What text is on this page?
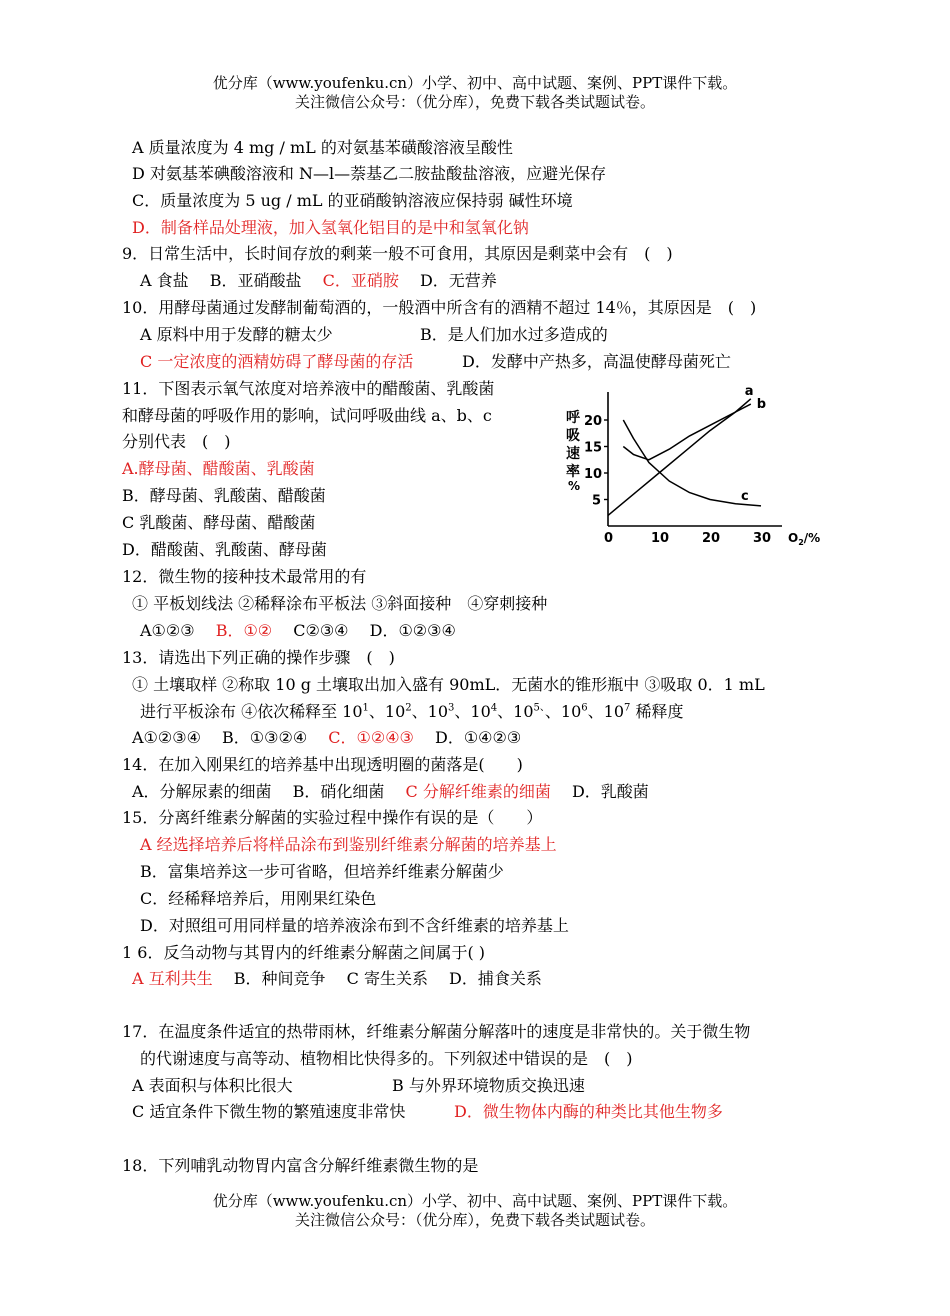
优分库（www.youfenku.cn）小学、初中、高中试题、案例、PPT课件下载。
关注微信公众号：（优分库），免费下载各类试题试卷。
A 质量浓度为 4 mg / mL 的对氨基苯磺酸溶液呈酸性
D 对氨基苯碘酸溶液和 N—l—萘基乙二胺盐酸盐溶液，应避光保存
C．质量浓度为 5 ug / mL 的亚硝酸钠溶液应保持弱 碱性环境
D．制备样品处理液，加入氢氧化铝目的是中和氢氧化钠
9．日常生活中，长时间存放的剩莱一般不可食用，其原因是剩菜中会有　(　)
A 食盐　 B．亚硝酸盐　 C．亚硝胺　 D．无营养
10．用酵母菌通过发酵制葡萄酒的，一般酒中所含有的酒精不超过 14％，其原因是　(　)
A 原料中用于发酵的糖太少	B．是人们加水过多造成的
C 一定浓度的酒精妨碍了酵母菌的存活	D．发酵中产热多，高温使酵母菌死亡
11．下图表示氧气浓度对培养液中的醋酸菌、乳酸菌
和酵母菌的呼吸作用的影响，试问呼吸曲线 a、b、c
分别代表　(　)
A.酵母菌、醋酸菌、乳酸菌
B．酵母菌、乳酸菌、醋酸菌
C 乳酸菌、酵母菌、醋酸菌
D．醋酸菌、乳酸菌、酵母菌
呼
吸
速
率
%
0	10	20	30
5
10
15
20
a
b
c
$O_2/\%$
12．微生物的接种技术最常用的有
① 平板划线法 ②稀释涂布平板法 ③斜面接种　④穿刺接种
A①②③　 B．①②　 C②③④　 D．①②③④
13．请选出下列正确的操作步骤　(　)
① 土壤取样 ②称取 10 g 土壤取出加入盛有 90mL．无菌水的锥形瓶中 ③吸取 0．1 mL
进行平板涂布 ④依次稀释至 $10^1$、$10^2$、$10^3$、$10^4$、$10^{5、}$、$10^6$、$10^7$ 稀释度
A①②③④　 B．①③②④　 C．①②④③　 D．①④②③
14．在加入刚果红的培养基中出现透明圈的菌落是(　　)
A．分解尿素的细菌　 B．硝化细菌　 C 分解纤维素的细菌　 D．乳酸菌
15．分离纤维素分解菌的实验过程中操作有误的是（　　）
A 经选择培养后将样品涂布到鉴别纤维素分解菌的培养基上
B．富集培养这一步可省略，但培养纤维素分解菌少
C．经稀释培养后，用刚果红染色
D．对照组可用同样量的培养液涂布到不含纤维素的培养基上
1 6．反刍动物与其胃内的纤维素分解菌之间属于( )
A 互利共生　 B．种间竞争　 C 寄生关系　 D．捕食关系
17．在温度条件适宜的热带雨林，纤维素分解菌分解落叶的速度是非常快的。关于微生物
的代谢速度与高等动、植物相比快得多的。下列叙述中错误的是　(　)
A 表面积与体积比很大	B 与外界环境物质交换迅速
C 适宜条件下微生物的繁殖速度非常快	D．微生物体内酶的种类比其他生物多
18．下列哺乳动物胃内富含分解纤维素微生物的是
优分库（www.youfenku.cn）小学、初中、高中试题、案例、PPT课件下载。
关注微信公众号：（优分库），免费下载各类试题试卷。
